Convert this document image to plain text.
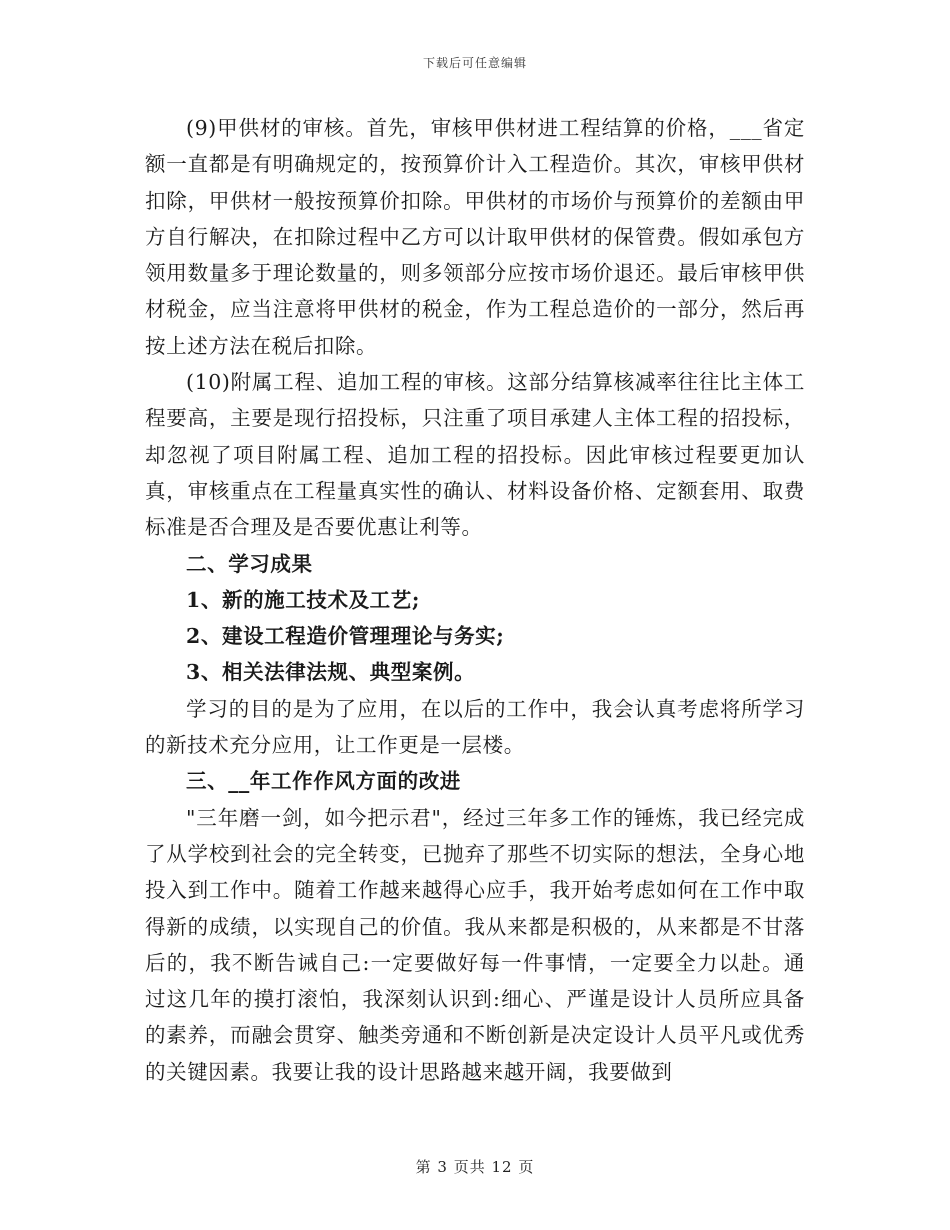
下载后可任意编辑

(9)甲供材的审核。首先，审核甲供材进工程结算的价格，___省定额一直都是有明确规定的，按预算价计入工程造价。其次，审核甲供材扣除，甲供材一般按预算价扣除。甲供材的市场价与预算价的差额由甲方自行解决，在扣除过程中乙方可以计取甲供材的保管费。假如承包方领用数量多于理论数量的，则多领部分应按市场价退还。最后审核甲供材税金，应当注意将甲供材的税金，作为工程总造价的一部分，然后再按上述方法在税后扣除。

(10)附属工程、追加工程的审核。这部分结算核减率往往比主体工程要高，主要是现行招投标，只注重了项目承建人主体工程的招投标，却忽视了项目附属工程、追加工程的招投标。因此审核过程要更加认真，审核重点在工程量真实性的确认、材料设备价格、定额套用、取费标准是否合理及是否要优惠让利等。

二、学习成果

1、新的施工技术及工艺;

2、建设工程造价管理理论与务实;

3、相关法律法规、典型案例。

学习的目的是为了应用，在以后的工作中，我会认真考虑将所学习的新技术充分应用，让工作更是一层楼。

三、__年工作作风方面的改进

"三年磨一剑，如今把示君"，经过三年多工作的锤炼，我已经完成了从学校到社会的完全转变，已抛弃了那些不切实际的想法，全身心地投入到工作中。随着工作越来越得心应手，我开始考虑如何在工作中取得新的成绩，以实现自己的价值。我从来都是积极的，从来都是不甘落后的，我不断告诫自己:一定要做好每一件事情，一定要全力以赴。通过这几年的摸打滚怕，我深刻认识到:细心、严谨是设计人员所应具备的素养，而融会贯穿、触类旁通和不断创新是决定设计人员平凡或优秀的关键因素。我要让我的设计思路越来越开阔，我要做到

第 3 页共 12 页
